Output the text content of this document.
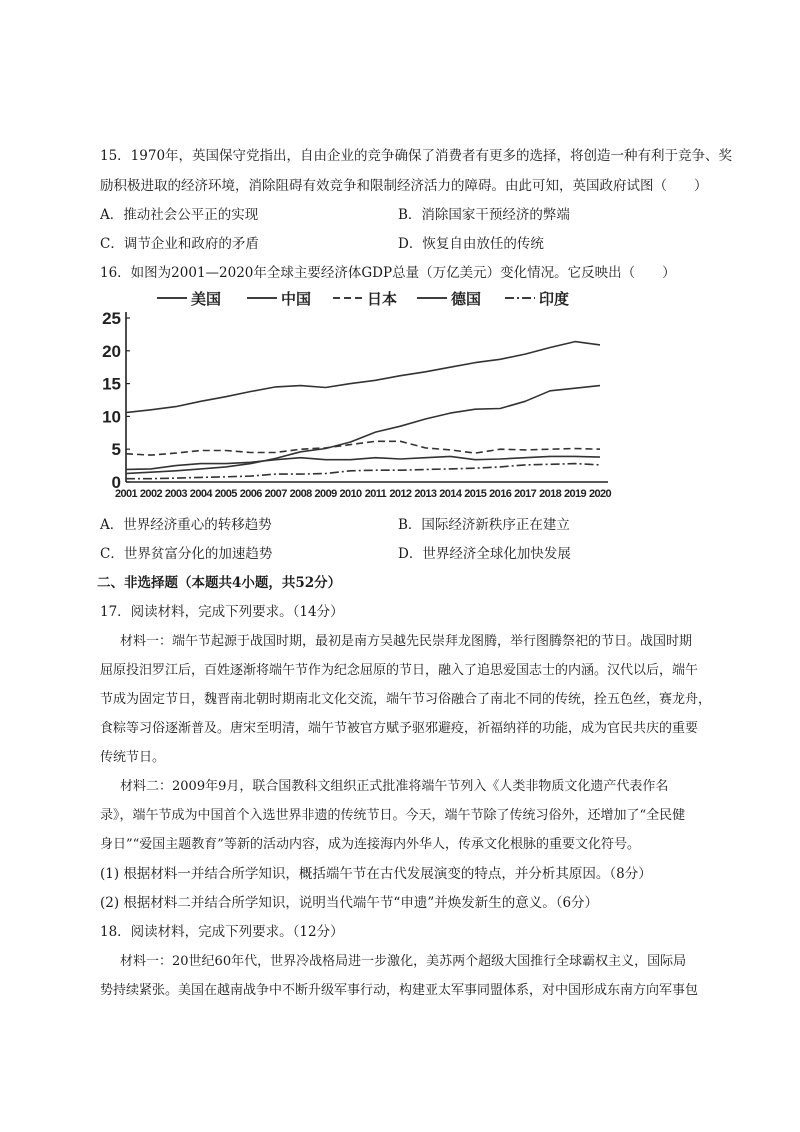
15．1970年，英国保守党指出，自由企业的竞争确保了消费者有更多的选择，将创造一种有利于竞争、奖
励积极进取的经济环境，消除阻碍有效竞争和限制经济活力的障碍。由此可知，英国政府试图（　　）
A．推动社会公平正的实现	B．消除国家干预经济的弊端
C．调节企业和政府的矛盾	D．恢复自由放任的传统
16．如图为2001—2020年全球主要经济体GDP总量（万亿美元）变化情况。它反映出（　　）
美国	中国	日本	德国	印度
0
5
10
15
20
25
2001 2002 2003 2004 2005 2006 2007 2008 2009 2010 2011 2012 2013 2014 2015 2016 2017 2018 2019 2020
A．世界经济重心的转移趋势	B．国际经济新秩序正在建立
C．世界贫富分化的加速趋势	D．世界经济全球化加快发展
二、非选择题（本题共4小题，共52分）
17．阅读材料，完成下列要求。（14分）
材料一：端午节起源于战国时期，最初是南方吴越先民崇拜龙图腾，举行图腾祭祀的节日。战国时期
屈原投汨罗江后，百姓逐渐将端午节作为纪念屈原的节日，融入了追思爱国志士的内涵。汉代以后，端午
节成为固定节日，魏晋南北朝时期南北文化交流，端午节习俗融合了南北不同的传统，拴五色丝，赛龙舟，
食粽等习俗逐渐普及。唐宋至明清，端午节被官方赋予驱邪避疫，祈福纳祥的功能，成为官民共庆的重要
传统节日。
材料二：2009年9月，联合国教科文组织正式批准将端午节列入《人类非物质文化遗产代表作名
录》，端午节成为中国首个入选世界非遗的传统节日。今天，端午节除了传统习俗外，还增加了“全民健
身日”“爱国主题教育”等新的活动内容，成为连接海内外华人，传承文化根脉的重要文化符号。
(1) 根据材料一并结合所学知识，概括端午节在古代发展演变的特点，并分析其原因。（8分）
(2) 根据材料二并结合所学知识，说明当代端午节“申遗”并焕发新生的意义。（6分）
18．阅读材料，完成下列要求。（12分）
材料一：20世纪60年代，世界冷战格局进一步激化，美苏两个超级大国推行全球霸权主义，国际局
势持续紧张。美国在越南战争中不断升级军事行动，构建亚太军事同盟体系，对中国形成东南方向军事包
